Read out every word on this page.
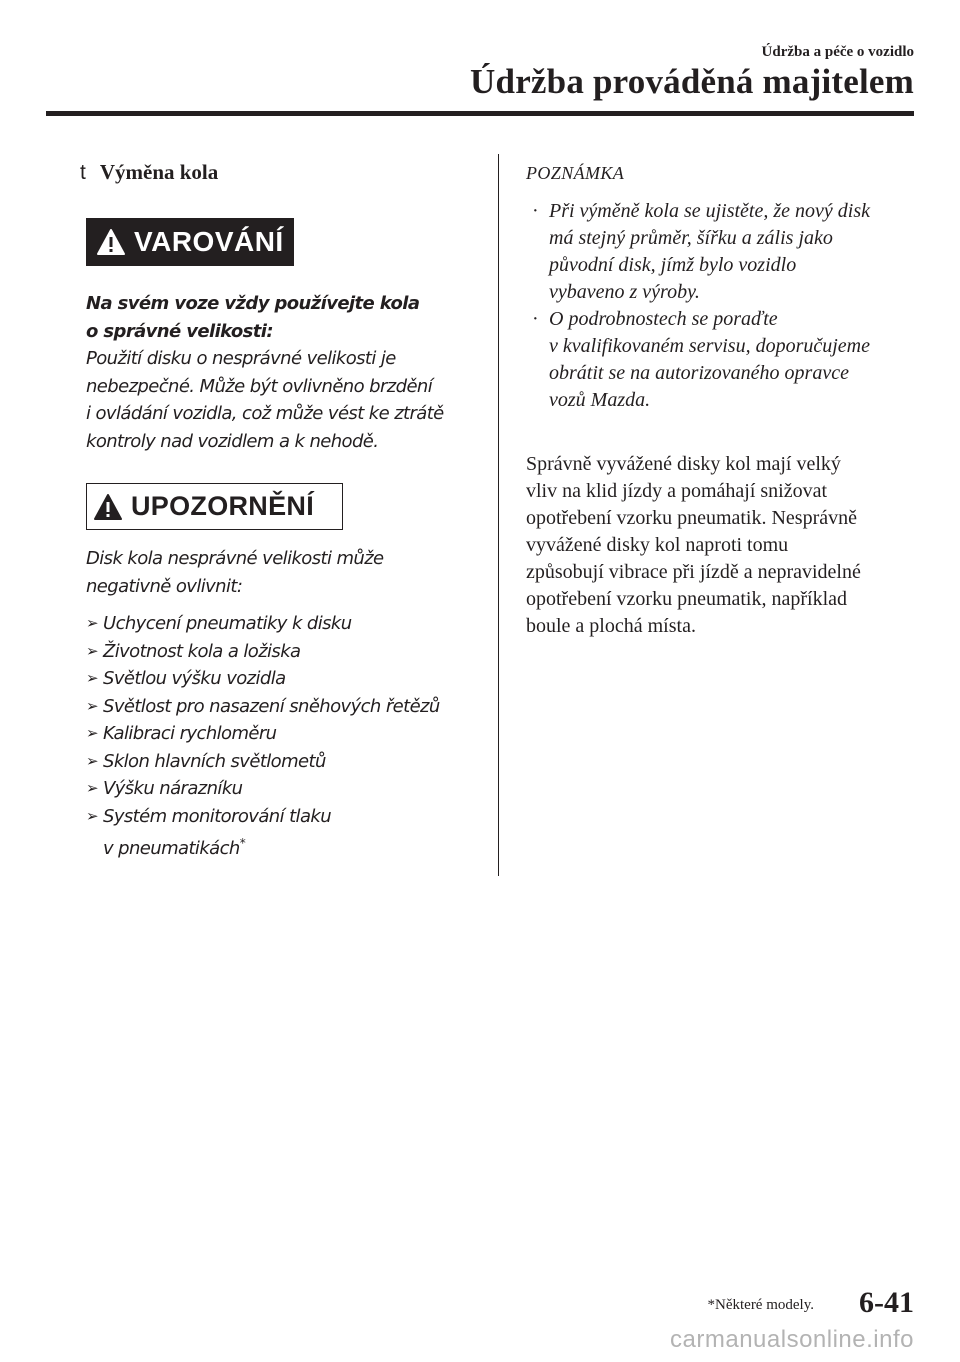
Údržba a péče o vozidlo
Údržba prováděná majitelem
t Výměna kola
VAROVÁNÍ
Na svém voze vždy používejte kola
o správné velikosti:
Použití disku o nesprávné velikosti je
nebezpečné. Může být ovlivněno brzdění
i ovládání vozidla, což může vést ke ztrátě
kontroly nad vozidlem a k nehodě.
UPOZORNĚNÍ
Disk kola nesprávné velikosti může
negativně ovlivnit:
➢ Uchycení pneumatiky k disku
➢ Životnost kola a ložiska
➢ Světlou výšku vozidla
➢ Světlost pro nasazení sněhových řetězů
➢ Kalibraci rychloměru
➢ Sklon hlavních světlometů
➢ Výšku nárazníku
➢ Systém monitorování tlaku
v pneumatikách*
POZNÁMKA
· Při výměně kola se ujistěte, že nový disk
má stejný průměr, šířku a zális jako
původní disk, jímž bylo vozidlo
vybaveno z výroby.
· O podrobnostech se poraďte
v kvalifikovaném servisu, doporučujeme
obrátit se na autorizovaného opravce
vozů Mazda.
Správně vyvážené disky kol mají velký
vliv na klid jízdy a pomáhají snižovat
opotřebení vzorku pneumatik. Nesprávně
vyvážené disky kol naproti tomu
způsobují vibrace při jízdě a nepravidelné
opotřebení vzorku pneumatik, například
boule a plochá místa.
*Některé modely. 6-41
carmanualsonline.info
